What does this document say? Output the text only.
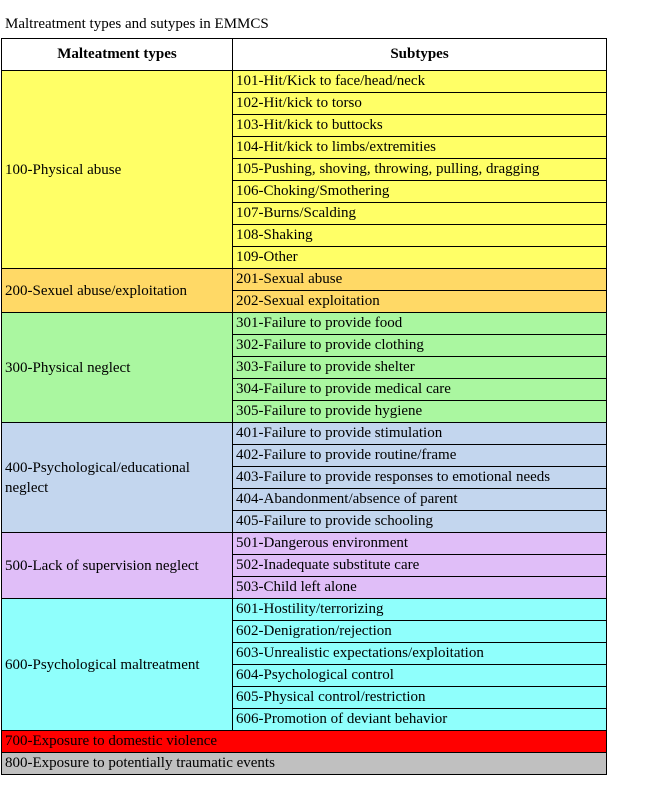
Maltreatment types and sutypes in EMMCS
Malteatment types	Subtypes
100-Physical abuse	101-Hit/Kick to face/head/neck
	102-Hit/kick to torso
	103-Hit/kick to buttocks
	104-Hit/kick to limbs/extremities
	105-Pushing, shoving, throwing, pulling, dragging
	106-Choking/Smothering
	107-Burns/Scalding
	108-Shaking
	109-Other
200-Sexuel abuse/exploitation	201-Sexual abuse
	202-Sexual exploitation
300-Physical neglect	301-Failure to provide food
	302-Failure to provide clothing
	303-Failure to provide shelter
	304-Failure to provide medical care
	305-Failure to provide hygiene
400-Psychological/educational neglect	401-Failure to provide stimulation
	402-Failure to provide routine/frame
	403-Failure to provide responses to emotional needs
	404-Abandonment/absence of parent
	405-Failure to provide schooling
500-Lack of supervision neglect	501-Dangerous environment
	502-Inadequate substitute care
	503-Child left alone
600-Psychological maltreatment	601-Hostility/terrorizing
	602-Denigration/rejection
	603-Unrealistic expectations/exploitation
	604-Psychological control
	605-Physical control/restriction
	606-Promotion of deviant behavior
700-Exposure to domestic violence	
800-Exposure to potentially traumatic events	
